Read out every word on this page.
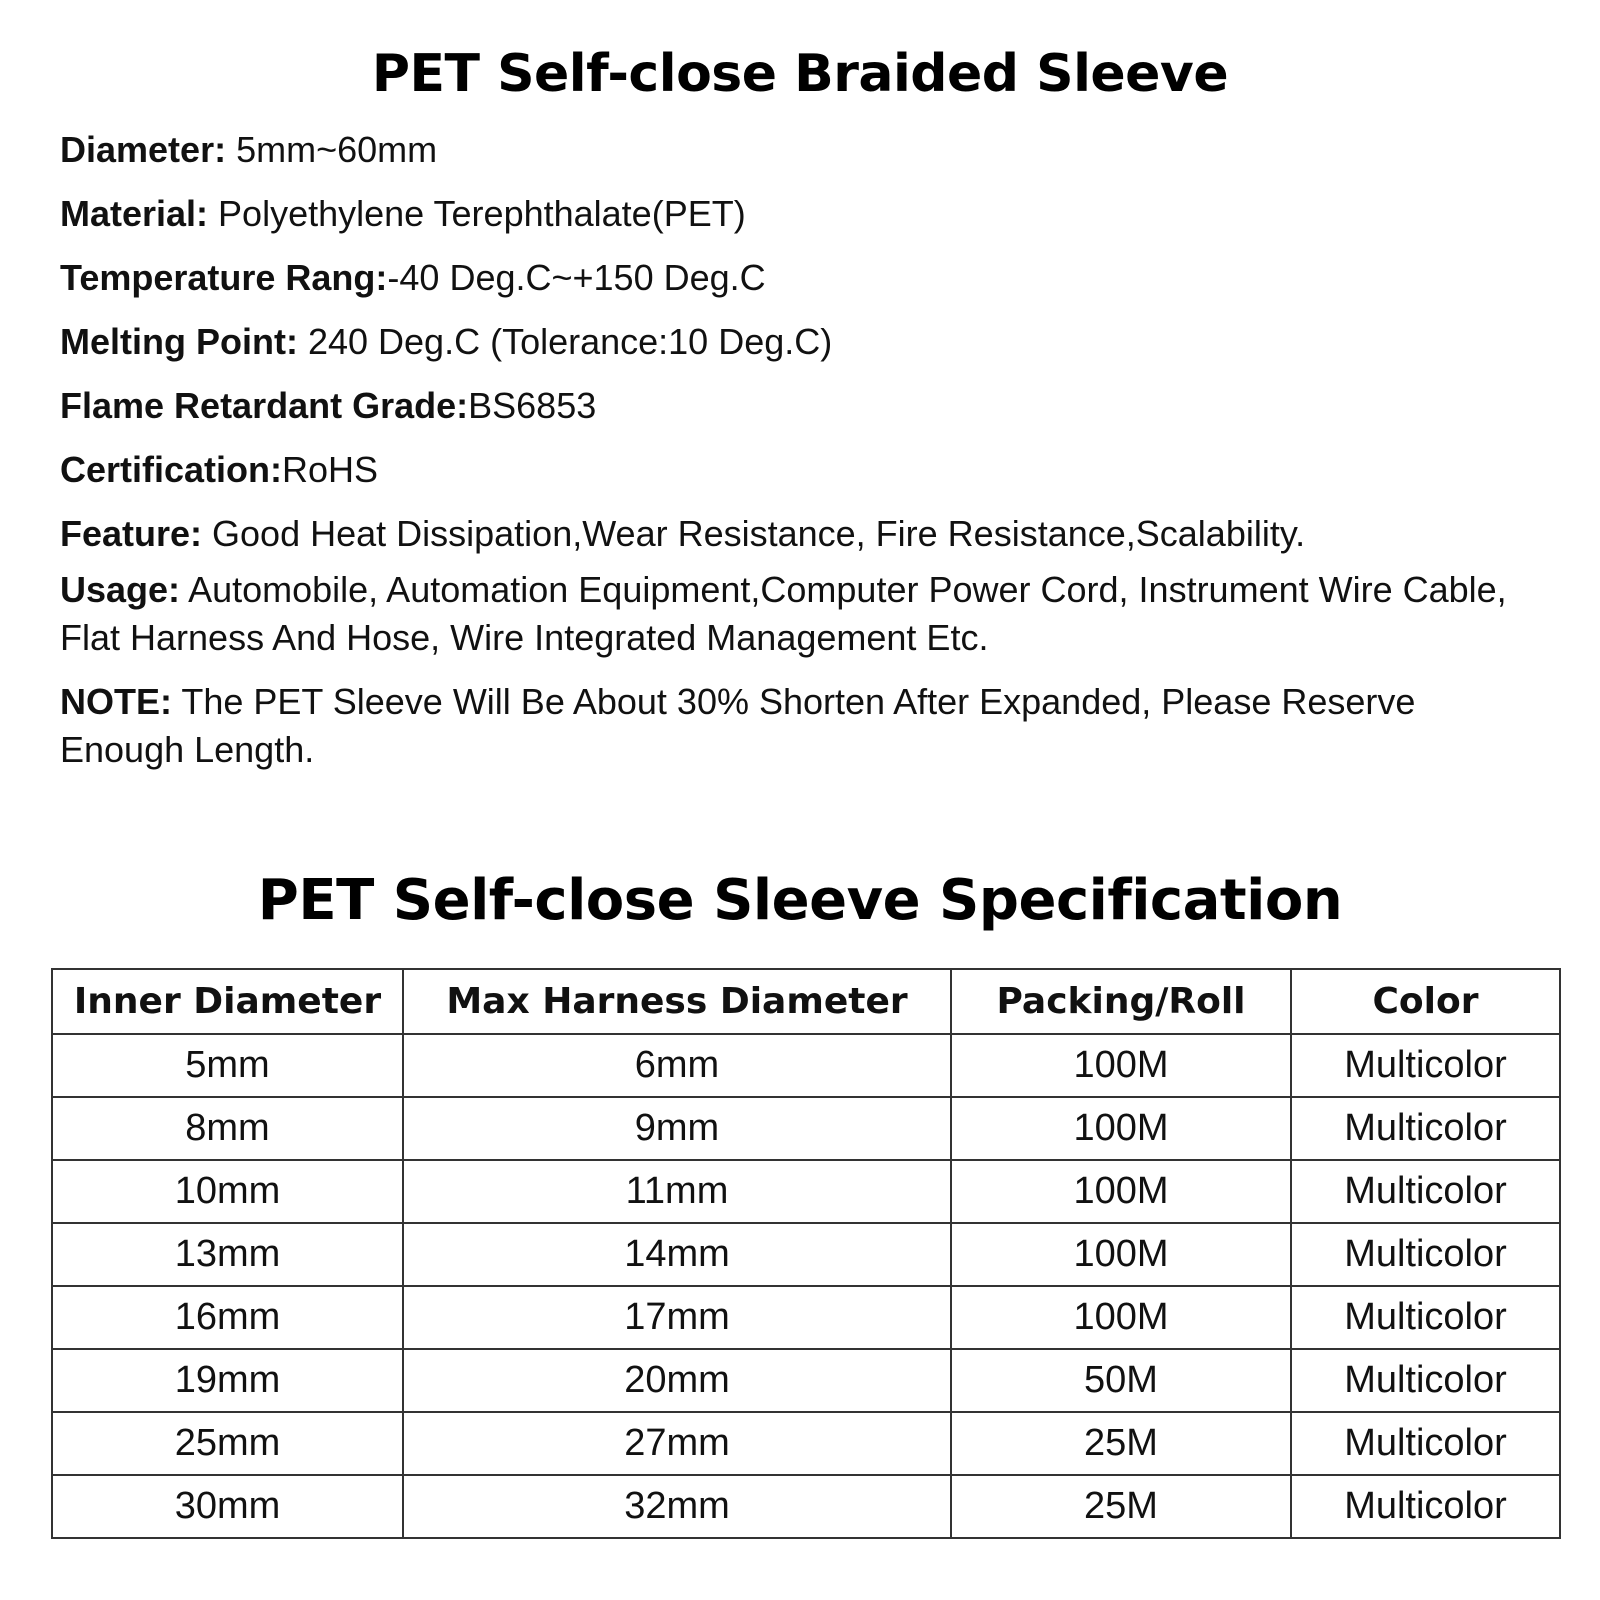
PET Self-close Braided Sleeve

Diameter: 5mm~60mm

Material: Polyethylene Terephthalate(PET)

Temperature Rang:-40 Deg.C~+150 Deg.C

Melting Point: 240 Deg.C (Tolerance:10 Deg.C)

Flame Retardant Grade:BS6853

Certification:RoHS

Feature: Good Heat Dissipation,Wear Resistance, Fire Resistance,Scalability.

Usage: Automobile, Automation Equipment,Computer Power Cord, Instrument Wire Cable, Flat Harness And Hose, Wire Integrated Management Etc.

NOTE: The PET Sleeve Will Be About 30% Shorten After Expanded, Please Reserve Enough Length.

PET Self-close Sleeve Specification
Inner Diameter	Max Harness Diameter	Packing/Roll	Color
5mm	6mm	100M	Multicolor
8mm	9mm	100M	Multicolor
10mm	11mm	100M	Multicolor
13mm	14mm	100M	Multicolor
16mm	17mm	100M	Multicolor
19mm	20mm	50M	Multicolor
25mm	27mm	25M	Multicolor
30mm	32mm	25M	Multicolor
